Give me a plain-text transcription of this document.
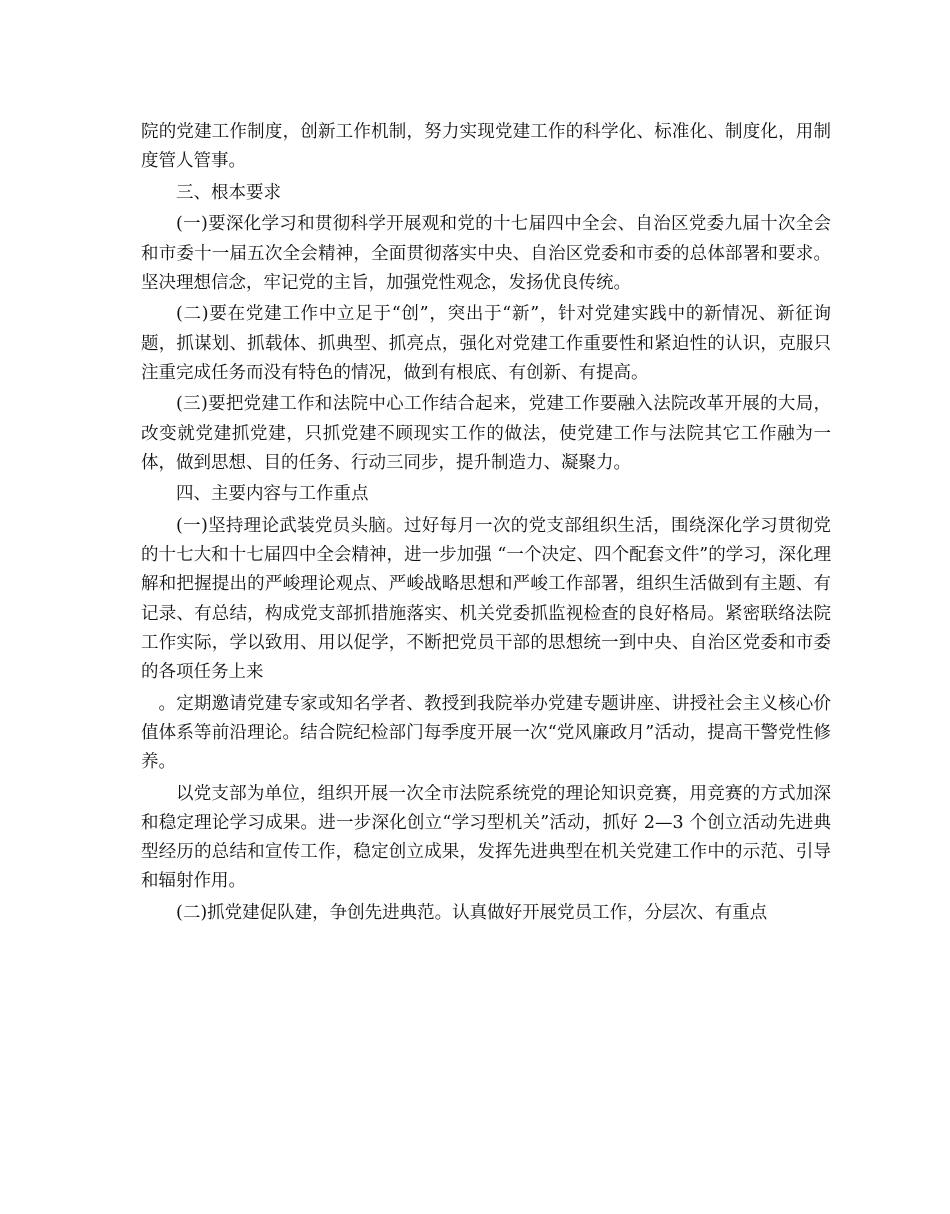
院的党建工作制度，创新工作机制，努力实现党建工作的科学化、标准化、制度化，用制度管人管事。

三、根本要求

(一)要深化学习和贯彻科学开展观和党的十七届四中全会、自治区党委九届十次全会和市委十一届五次全会精神，全面贯彻落实中央、自治区党委和市委的总体部署和要求。坚决理想信念，牢记党的主旨，加强党性观念，发扬优良传统。

(二)要在党建工作中立足于“创”，突出于“新”，针对党建实践中的新情况、新征询题，抓谋划、抓载体、抓典型、抓亮点，强化对党建工作重要性和紧迫性的认识，克服只注重完成任务而没有特色的情况，做到有根底、有创新、有提高。

(三)要把党建工作和法院中心工作结合起来，党建工作要融入法院改革开展的大局，改变就党建抓党建，只抓党建不顾现实工作的做法，使党建工作与法院其它工作融为一体，做到思想、目的任务、行动三同步，提升制造力、凝聚力。

四、主要内容与工作重点

(一)坚持理论武装党员头脑。过好每月一次的党支部组织生活，围绕深化学习贯彻党的十七大和十七届四中全会精神，进一步加强 “一个决定、四个配套文件”的学习，深化理解和把握提出的严峻理论观点、严峻战略思想和严峻工作部署，组织生活做到有主题、有记录、有总结，构成党支部抓措施落实、机关党委抓监视检查的良好格局。紧密联络法院工作实际，学以致用、用以促学，不断把党员干部的思想统一到中央、自治区党委和市委的各项任务上来

。定期邀请党建专家或知名学者、教授到我院举办党建专题讲座、讲授社会主义核心价值体系等前沿理论。结合院纪检部门每季度开展一次“党风廉政月”活动，提高干警党性修养。

以党支部为单位，组织开展一次全市法院系统党的理论知识竞赛，用竞赛的方式加深和稳定理论学习成果。进一步深化创立“学习型机关”活动，抓好 2—3 个创立活动先进典型经历的总结和宣传工作，稳定创立成果，发挥先进典型在机关党建工作中的示范、引导和辐射作用。

(二)抓党建促队建，争创先进典范。认真做好开展党员工作，分层次、有重点
